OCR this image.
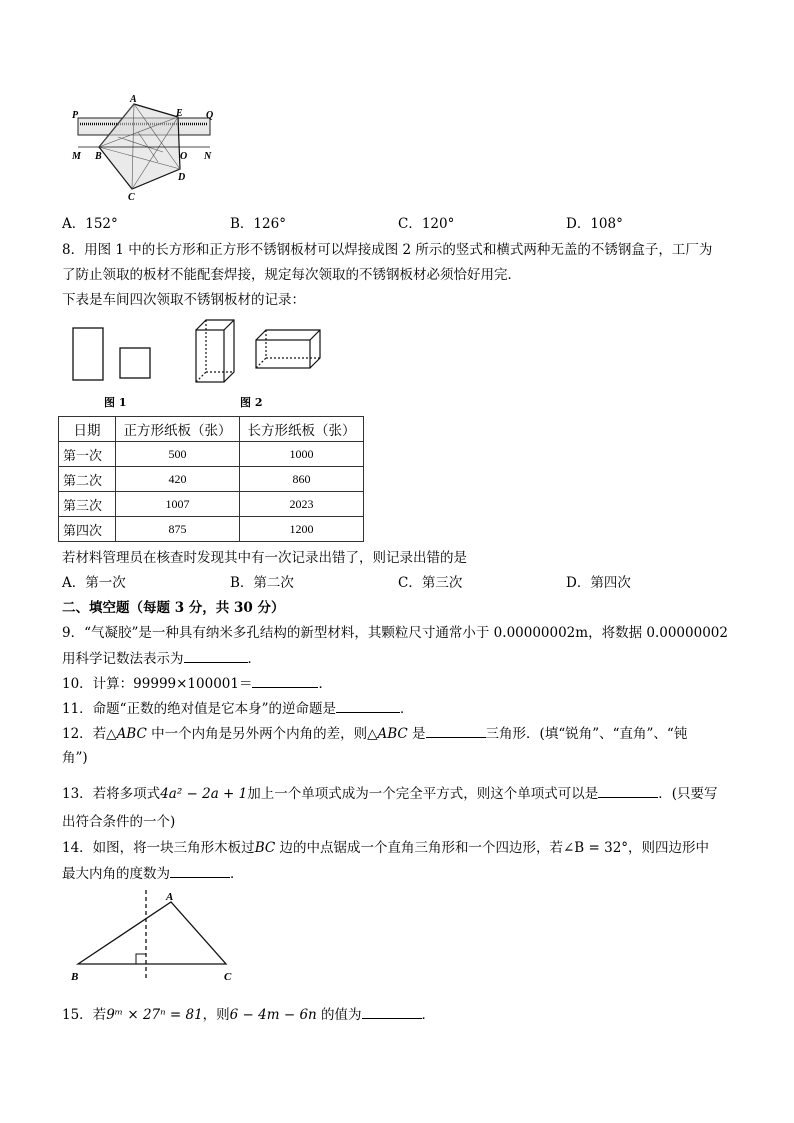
P
A
E Q
M B	O N
D
C
A．152°	B．126°	C．120°	D．108°
8．用图 1 中的长方形和正方形不锈钢板材可以焊接成图 2 所示的竖式和横式两种无盖的不锈钢盒子，工厂为
了防止领取的板材不能配套焊接，规定每次领取的不锈钢板材必须恰好用完．
下表是车间四次领取不锈钢板材的记录：
图 1	图 2
日期	正方形纸板（张）	长方形纸板（张）
第一次	500	1000
第二次	420	860
第三次	1007	2023
第四次	875	1200
若材料管理员在核查时发现其中有一次记录出错了，则记录出错的是
A．第一次	B．第二次	C．第三次	D．第四次
二、填空题（每题 3 分，共 30 分）
9．“气凝胶”是一种具有纳米多孔结构的新型材料，其颗粒尺寸通常小于 0.00000002m，将数据 0.00000002
用科学记数法表示为	．
10．计算：99999×100001＝	．
11．命题“正数的绝对值是它本身”的逆命题是	．
12．若△ABC 中一个内角是另外两个内角的差，则△ABC 是	三角形．(填“锐角”、“直角”、“钝
角”)
13．若将多项式4a² − 2a + 1加上一个单项式成为一个完全平方式，则这个单项式可以是	．(只要写
出符合条件的一个)
14．如图，将一块三角形木板过BC 边的中点锯成一个直角三角形和一个四边形，若∠B = 32°，则四边形中
最大内角的度数为	．
A
B	C
15．若9ᵐ × 27ⁿ = 81，则6 − 4m − 6n 的值为	．
